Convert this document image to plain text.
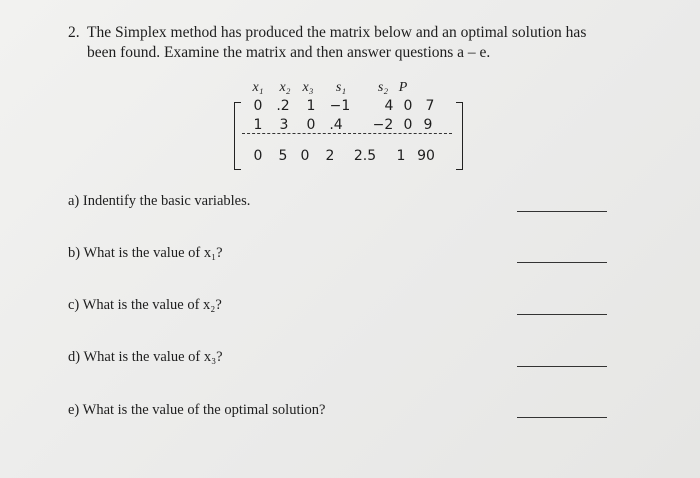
2. The Simplex method has produced the matrix below and an optimal solution has
been found. Examine the matrix and then answer questions a – e.
x₁ x₂ x₃ s₁ s₂ P
0 .2 1 −1 4 0 7
1 3 0 .4 −2 0 9
0 5 0 2 2.5 1 90
a) Indentify the basic variables.
b) What is the value of x₁?
c) What is the value of x₂?
d) What is the value of x₃?
e) What is the value of the optimal solution?
